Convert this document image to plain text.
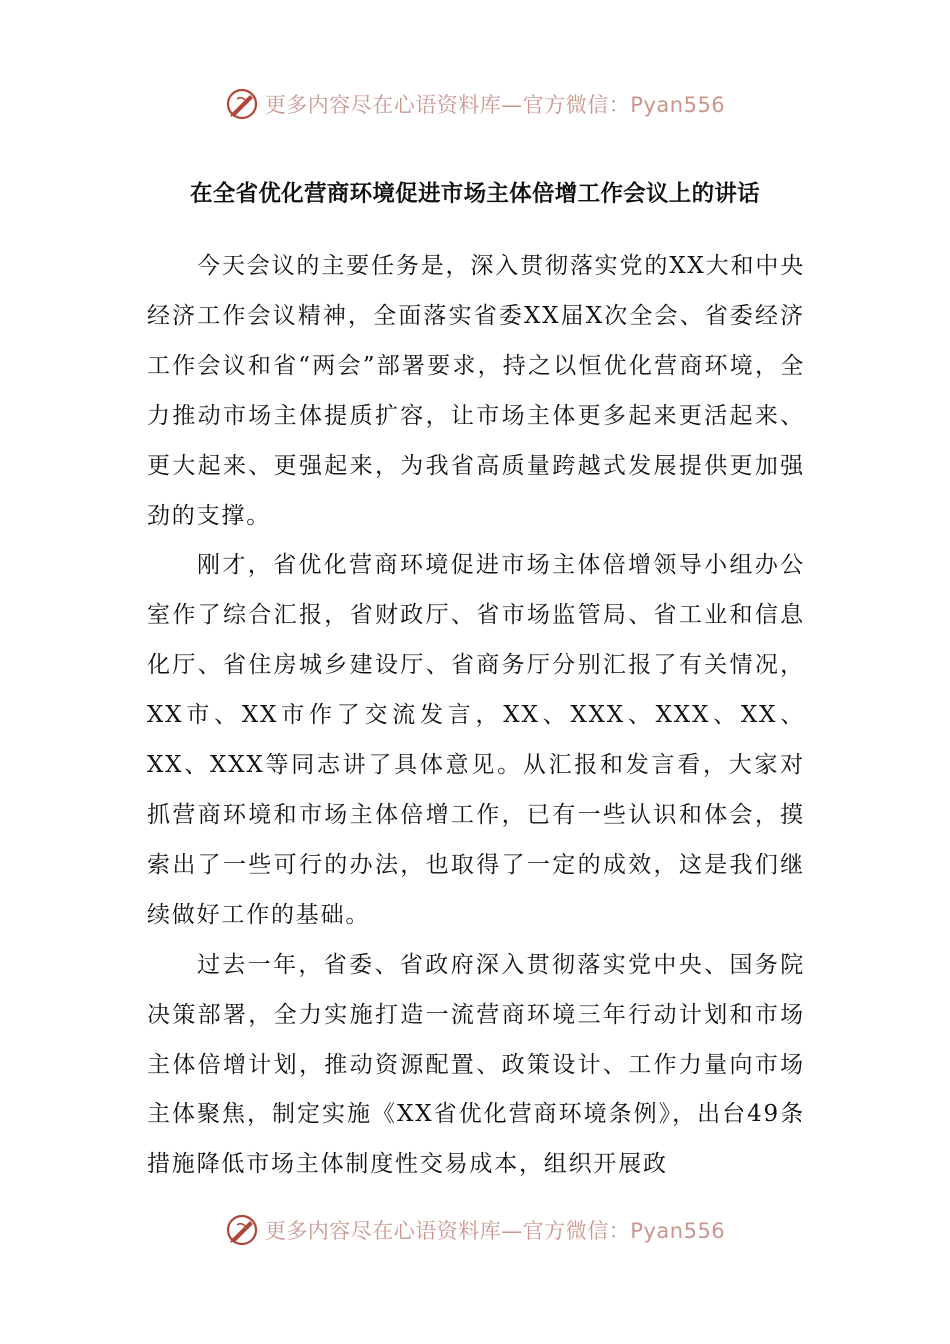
更多内容尽在心语资料库—官方微信：Pyan556
在全省优化营商环境促进市场主体倍增工作会议上的讲话

今天会议的主要任务是，深入贯彻落实党的XX大和中央经济工作会议精神，全面落实省委XX届X次全会、省委经济工作会议和省“两会”部署要求，持之以恒优化营商环境，全力推动市场主体提质扩容，让市场主体更多起来更活起来、更大起来、更强起来，为我省高质量跨越式发展提供更加强劲的支撑。

刚才，省优化营商环境促进市场主体倍增领导小组办公室作了综合汇报，省财政厅、省市场监管局、省工业和信息化厅、省住房城乡建设厅、省商务厅分别汇报了有关情况，XX市、XX市作了交流发言，XX、XXX、XXX、XX、XX、XXX等同志讲了具体意见。从汇报和发言看，大家对抓营商环境和市场主体倍增工作，已有一些认识和体会，摸索出了一些可行的办法，也取得了一定的成效，这是我们继续做好工作的基础。

过去一年，省委、省政府深入贯彻落实党中央、国务院决策部署，全力实施打造一流营商环境三年行动计划和市场主体倍增计划，推动资源配置、政策设计、工作力量向市场主体聚焦，制定实施《XX省优化营商环境条例》，出台49条措施降低市场主体制度性交易成本，组织开展政

更多内容尽在心语资料库—官方微信：Pyan556
